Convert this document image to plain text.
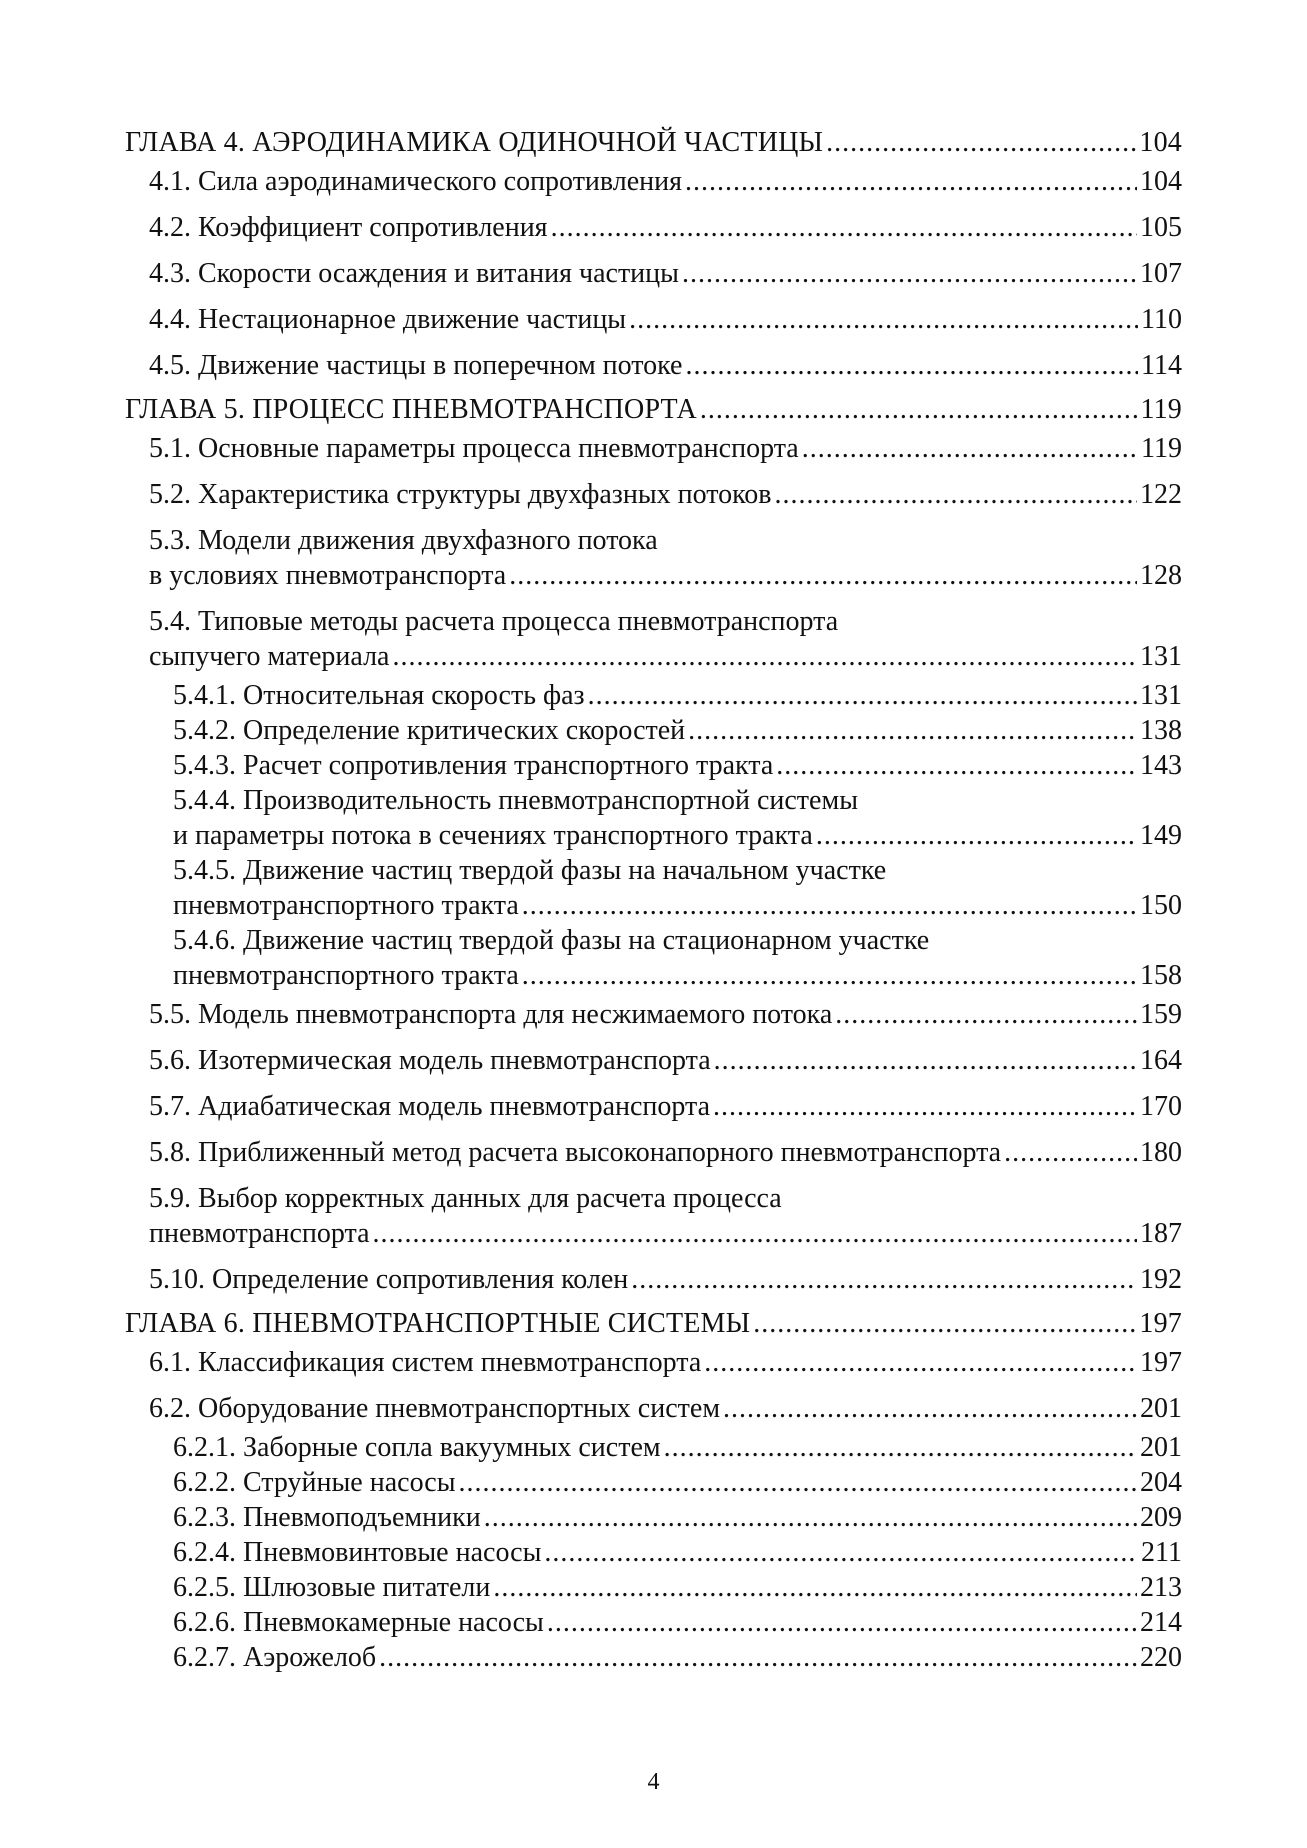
ГЛАВА 4. АЭРОДИНАМИКА ОДИНОЧНОЙ ЧАСТИЦЫ .....	104
4.1. Сила аэродинамического сопротивления .....	104
4.2. Коэффициент сопротивления .....	105
4.3. Скорости осаждения и витания частицы .....	107
4.4. Нестационарное движение частицы .....	110
4.5. Движение частицы в поперечном потоке .....	114
ГЛАВА 5. ПРОЦЕСС ПНЕВМОТРАНСПОРТА .....	119
5.1. Основные параметры процесса пневмотранспорта .....	119
5.2. Характеристика структуры двухфазных потоков .....	122
5.3. Модели движения двухфазного потока
в условиях пневмотранспорта .....	128
5.4. Типовые методы расчета процесса пневмотранспорта
сыпучего материала .....	131
5.4.1. Относительная скорость фаз .....	131
5.4.2. Определение критических скоростей .....	138
5.4.3. Расчет сопротивления транспортного тракта .....	143
5.4.4. Производительность пневмотранспортной системы
и параметры потока в сечениях транспортного тракта .....	149
5.4.5. Движение частиц твердой фазы на начальном участке
пневмотранспортного тракта .....	150
5.4.6. Движение частиц твердой фазы на стационарном участке
пневмотранспортного тракта .....	158
5.5. Модель пневмотранспорта для несжимаемого потока .....	159
5.6. Изотермическая модель пневмотранспорта .....	164
5.7. Адиабатическая модель пневмотранспорта .....	170
5.8. Приближенный метод расчета высоконапорного пневмотранспорта .....	180
5.9. Выбор корректных данных для расчета процесса
пневмотранспорта .....	187
5.10. Определение сопротивления колен .....	192
ГЛАВА 6. ПНЕВМОТРАНСПОРТНЫЕ СИСТЕМЫ .....	197
6.1. Классификация систем пневмотранспорта .....	197
6.2. Оборудование пневмотранспортных систем .....	201
6.2.1. Заборные сопла вакуумных систем .....	201
6.2.2. Струйные насосы .....	204
6.2.3. Пневмоподъемники .....	209
6.2.4. Пневмовинтовые насосы .....	211
6.2.5. Шлюзовые питатели .....	213
6.2.6. Пневмокамерные насосы .....	214
6.2.7. Аэрожелоб .....	220
4
